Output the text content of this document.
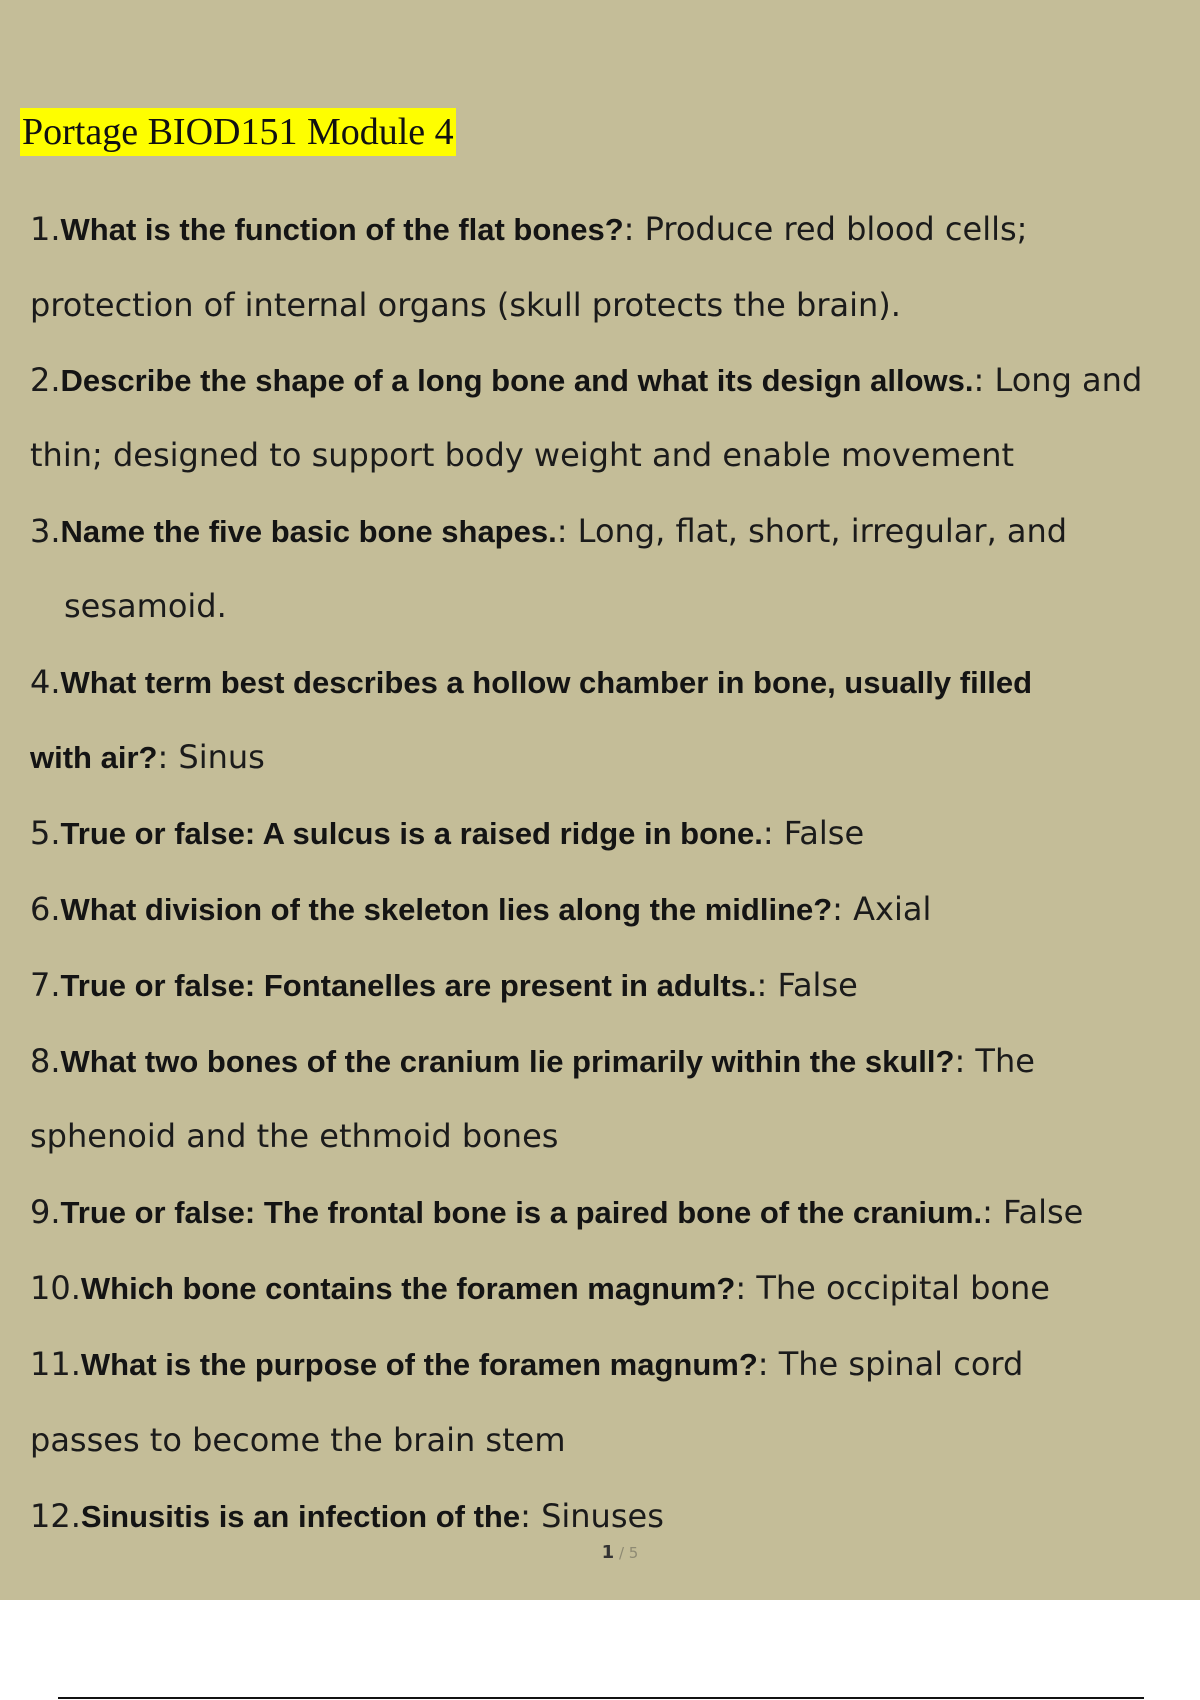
Portage BIOD151 Module 4
1.What is the function of the flat bones?: Produce red blood cells;
protection of internal organs (skull protects the brain).
2.Describe the shape of a long bone and what its design allows.: Long and
thin; designed to support body weight and enable movement
3.Name the five basic bone shapes.: Long, flat, short, irregular, and
sesamoid.
4.What term best describes a hollow chamber in bone, usually filled
with air?: Sinus
5.True or false: A sulcus is a raised ridge in bone.: False
6.What division of the skeleton lies along the midline?: Axial
7.True or false: Fontanelles are present in adults.: False
8.What two bones of the cranium lie primarily within the skull?: The
sphenoid and the ethmoid bones
9.True or false: The frontal bone is a paired bone of the cranium.: False
10.Which bone contains the foramen magnum?: The occipital bone
11.What is the purpose of the foramen magnum?: The spinal cord
passes to become the brain stem
12.Sinusitis is an infection of the: Sinuses
1 / 5
